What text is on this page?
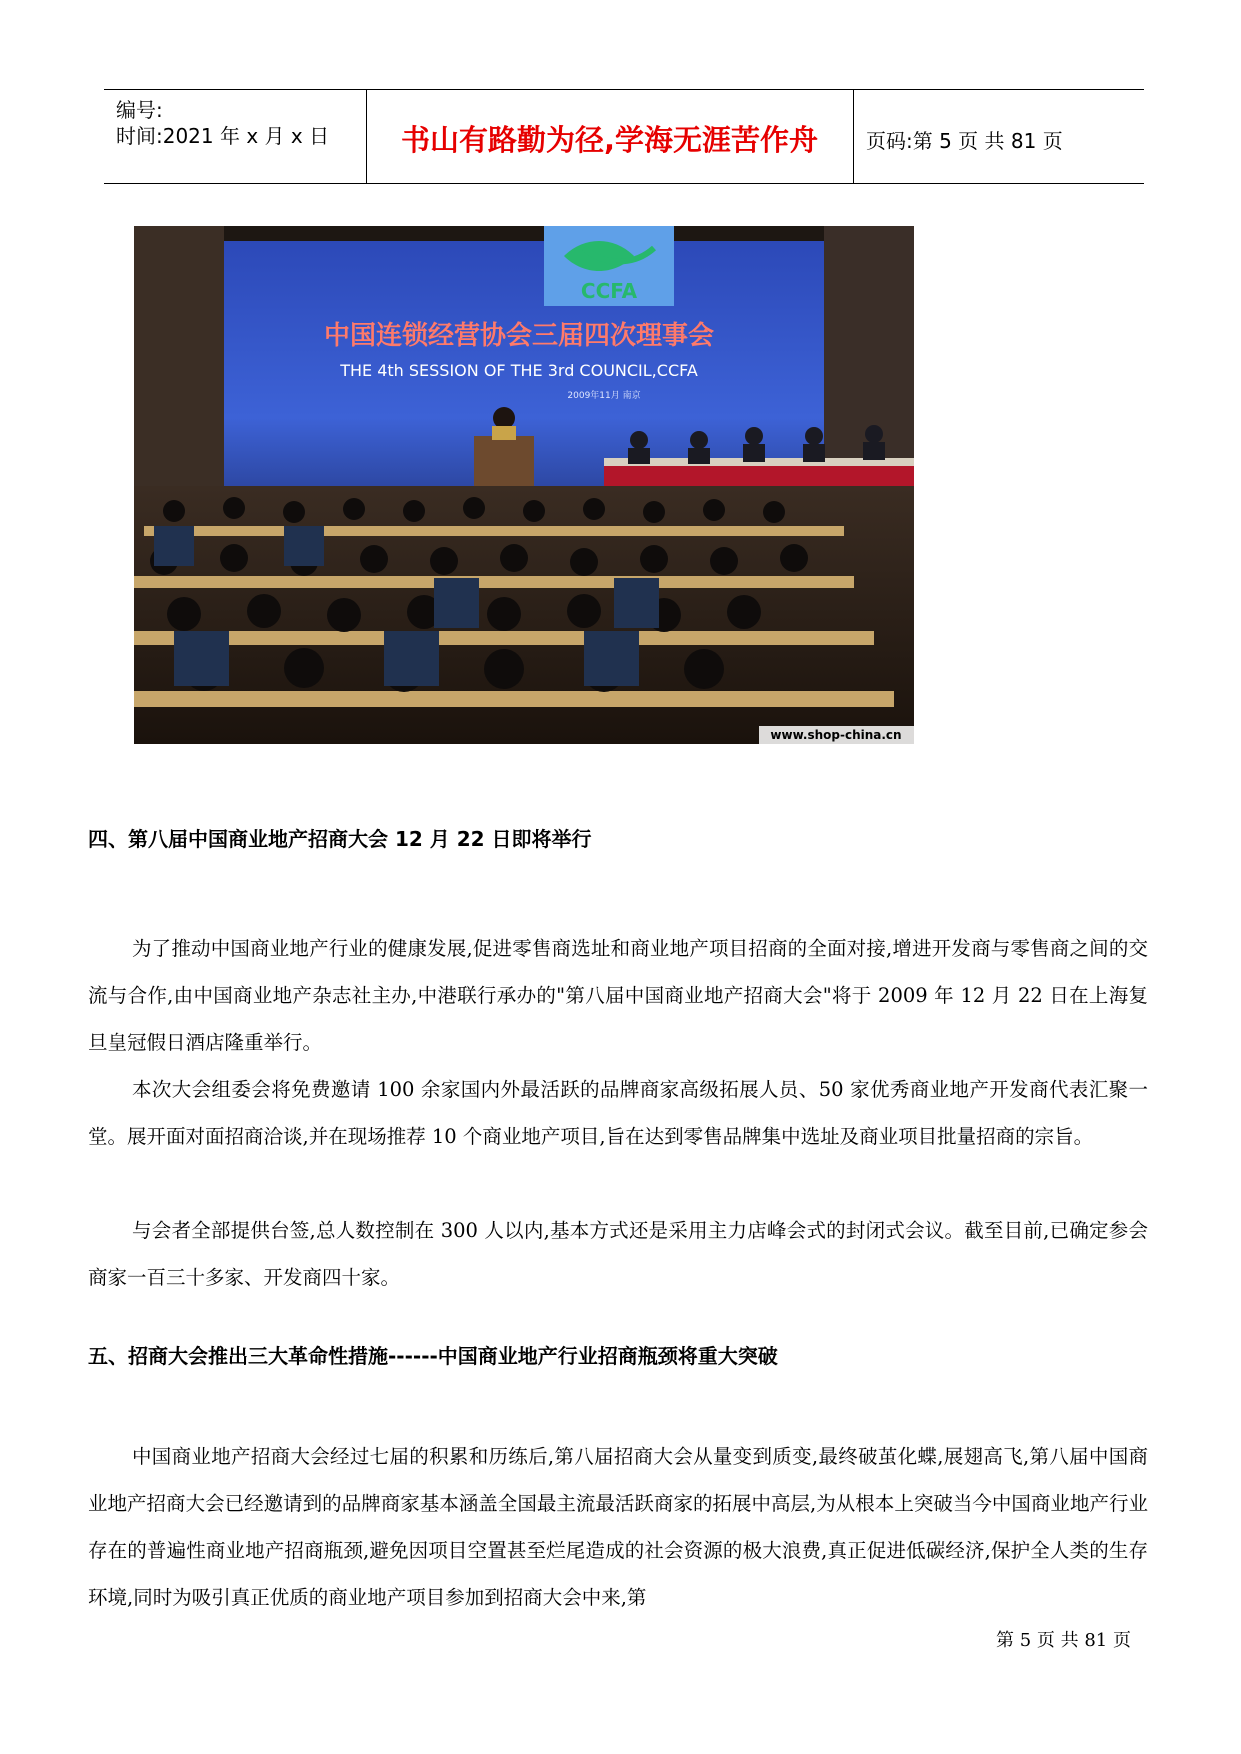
编号:
时间:2021 年 x 月 x 日	书山有路勤为径,学海无涯苦作舟	页码:第 5 页 共 81 页
CCFA
中国连锁经营协会三届四次理事会
THE 4th SESSION OF THE 3rd COUNCIL,CCFA
2009年11月 南京
www.shop-china.cn
四、第八届中国商业地产招商大会 12 月 22 日即将举行

为了推动中国商业地产行业的健康发展,促进零售商选址和商业地产项目招商的全面对接,增进开发商与零售商之间的交流与合作,由中国商业地产杂志社主办,中港联行承办的"第八届中国商业地产招商大会"将于 2009 年 12 月 22 日在上海复旦皇冠假日酒店隆重举行。

本次大会组委会将免费邀请 100 余家国内外最活跃的品牌商家高级拓展人员、50 家优秀商业地产开发商代表汇聚一堂。展开面对面招商洽谈,并在现场推荐 10 个商业地产项目,旨在达到零售品牌集中选址及商业项目批量招商的宗旨。

与会者全部提供台签,总人数控制在 300 人以内,基本方式还是采用主力店峰会式的封闭式会议。截至目前,已确定参会商家一百三十多家、开发商四十家。

五、招商大会推出三大革命性措施------中国商业地产行业招商瓶颈将重大突破

中国商业地产招商大会经过七届的积累和历练后,第八届招商大会从量变到质变,最终破茧化蝶,展翅高飞,第八届中国商业地产招商大会已经邀请到的品牌商家基本涵盖全国最主流最活跃商家的拓展中高层,为从根本上突破当今中国商业地产行业存在的普遍性商业地产招商瓶颈,避免因项目空置甚至烂尾造成的社会资源的极大浪费,真正促进低碳经济,保护全人类的生存环境,同时为吸引真正优质的商业地产项目参加到招商大会中来,第

第 5 页 共 81 页
